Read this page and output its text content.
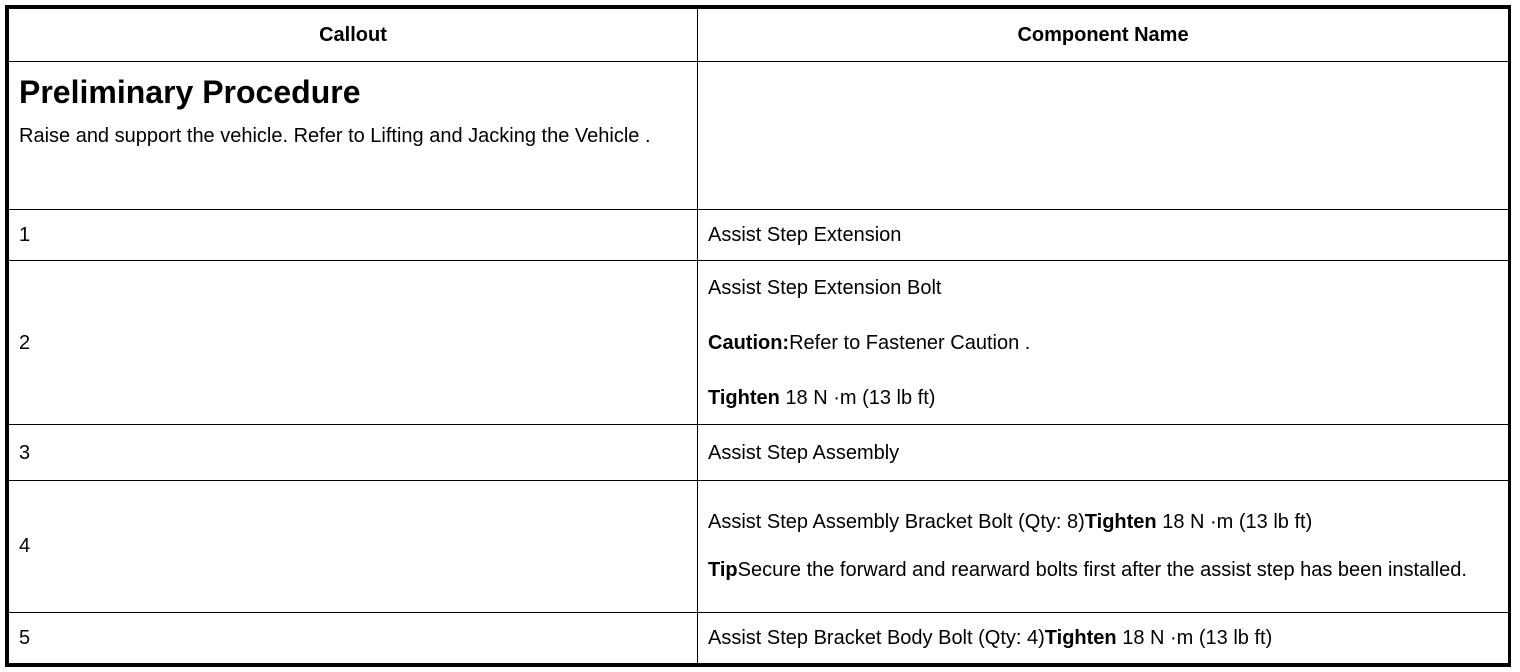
Callout	Component Name

Preliminary Procedure
Raise and support the vehicle. Refer to Lifting and Jacking the Vehicle .	

1	Assist Step Extension
2	Assist Step Extension Bolt

Caution:Refer to Fastener Caution .

Tighten 18 N ·m (13 lb ft)

3	Assist Step Assembly
4	Assist Step Assembly Bracket Bolt (Qty: 8)Tighten 18 N ·m (13 lb ft)

TipSecure the forward and rearward bolts first after the assist step has been installed.

5	Assist Step Bracket Body Bolt (Qty: 4)Tighten 18 N ·m (13 lb ft)
